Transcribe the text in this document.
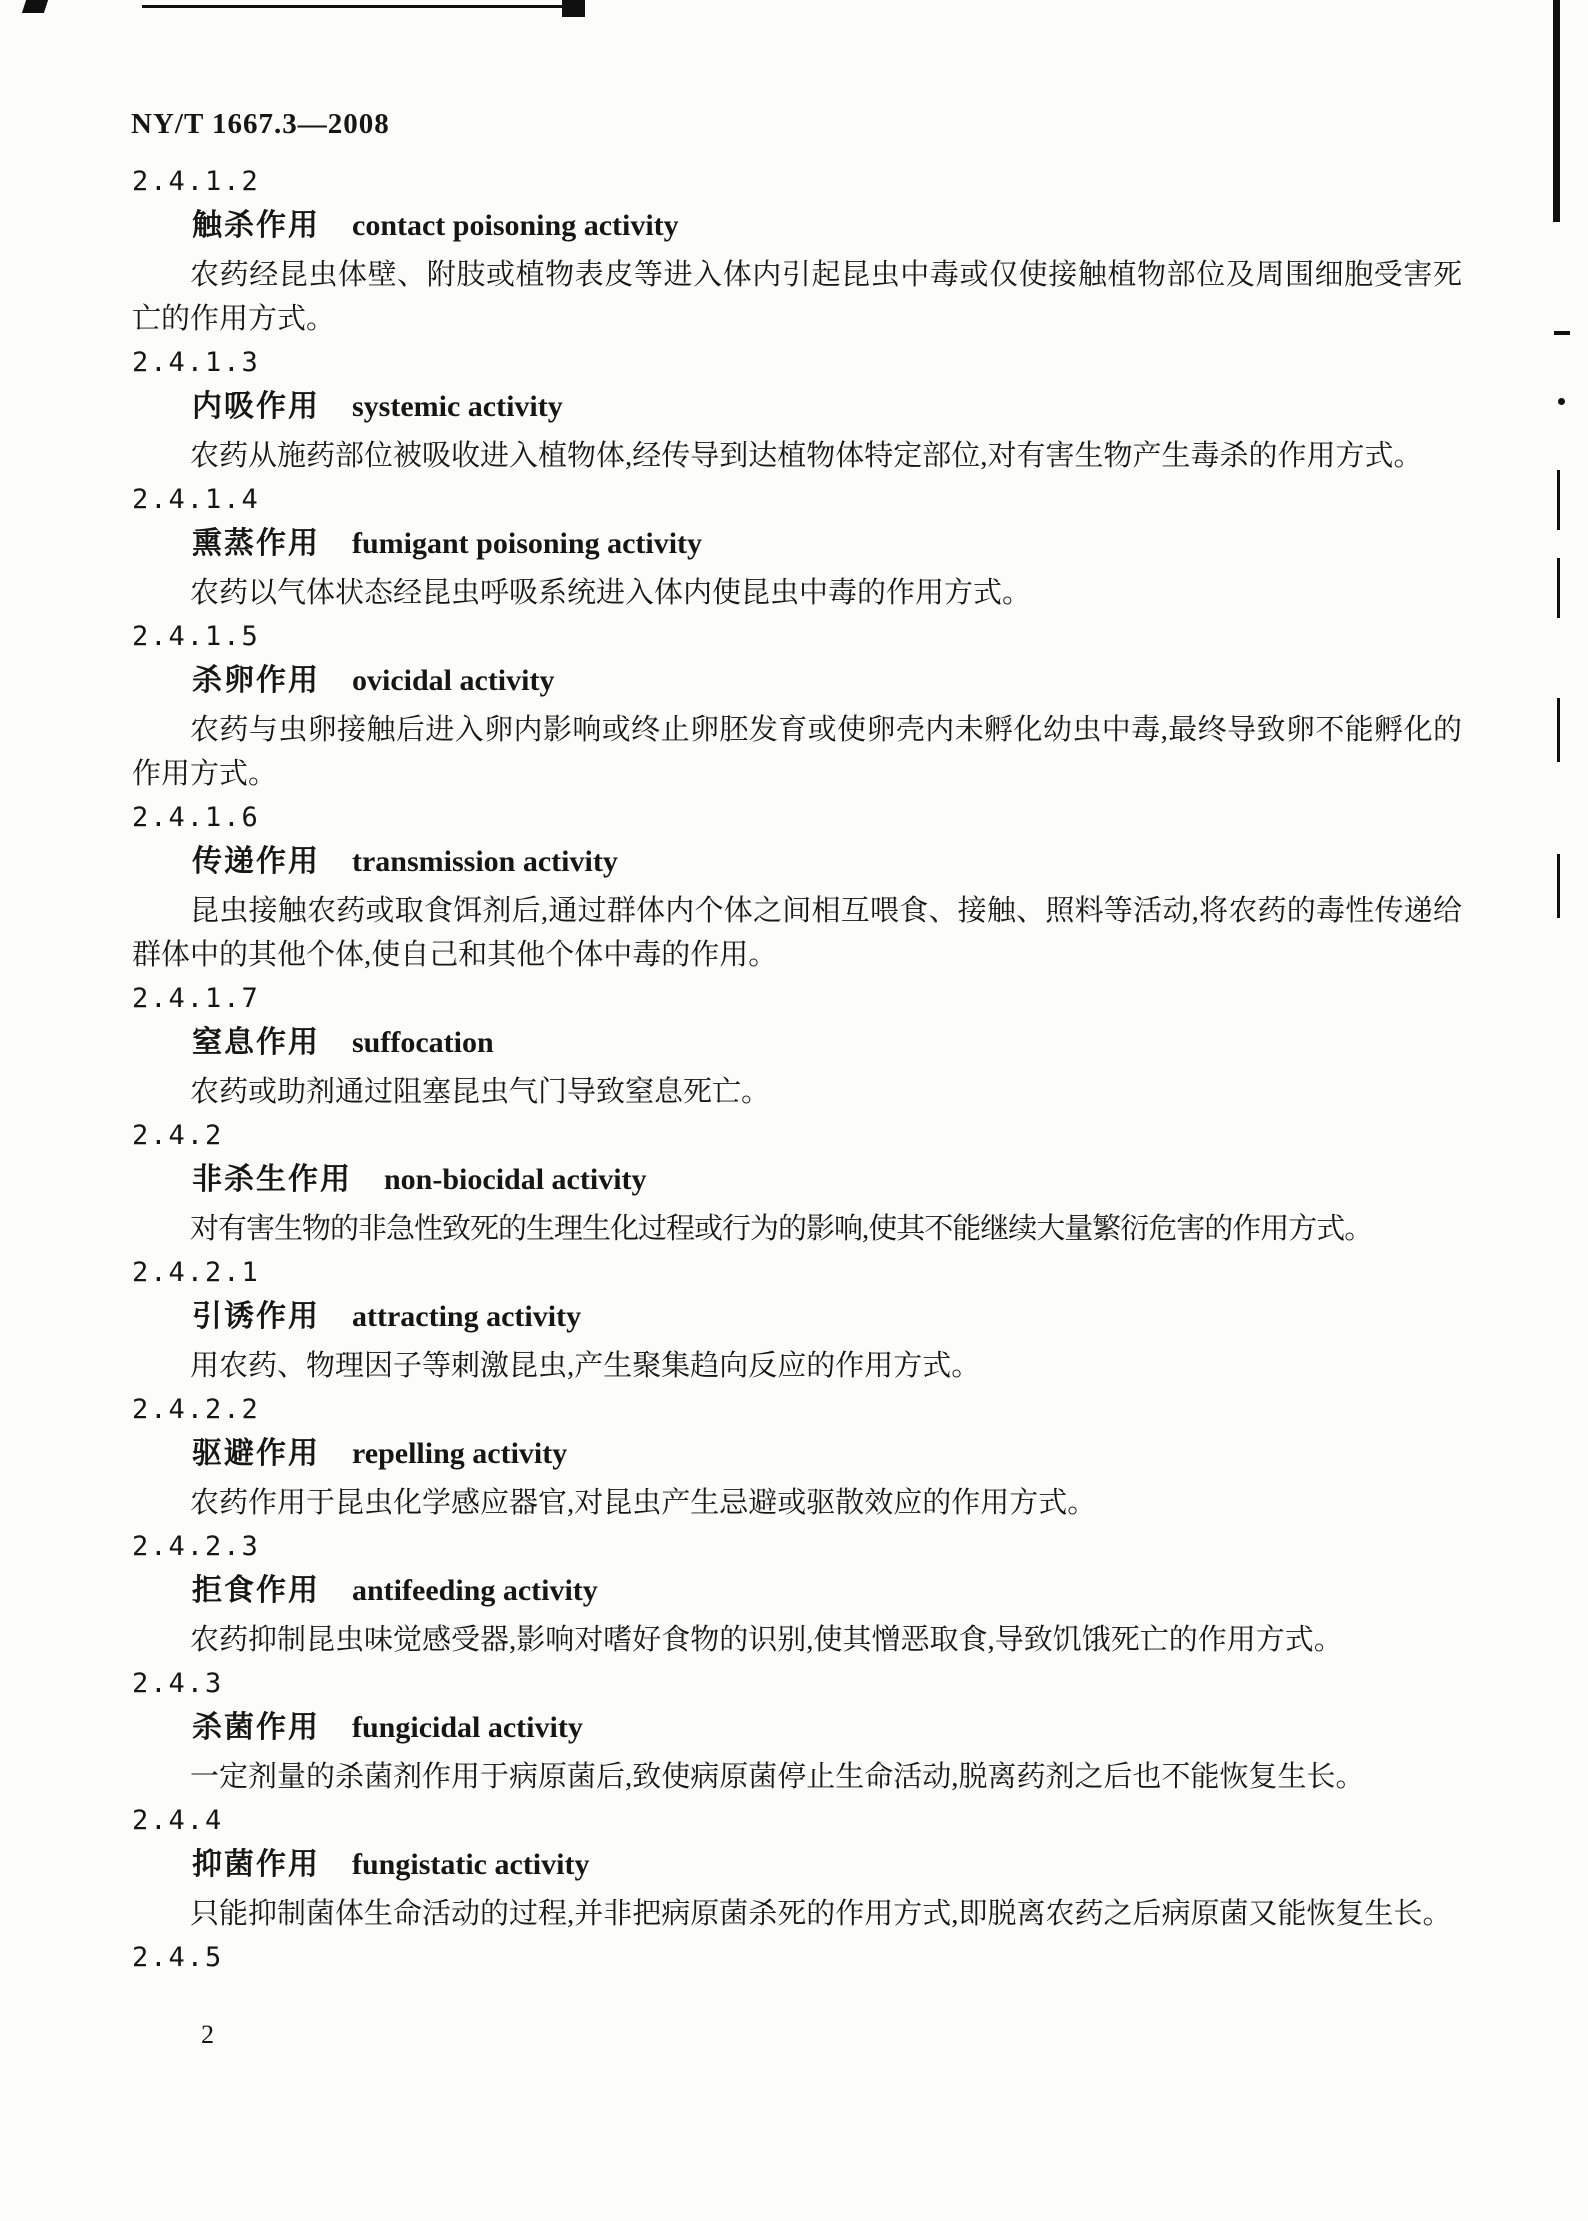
NY/T 1667.3—2008
2.4.1.2
触杀作用 contact poisoning activity

农药经昆虫体壁、附肢或植物表皮等进入体内引起昆虫中毒或仅使接触植物部位及周围细胞受害死亡的作用方式。

2.4.1.3
内吸作用 systemic activity

农药从施药部位被吸收进入植物体,经传导到达植物体特定部位,对有害生物产生毒杀的作用方式。

2.4.1.4
熏蒸作用 fumigant poisoning activity

农药以气体状态经昆虫呼吸系统进入体内使昆虫中毒的作用方式。

2.4.1.5
杀卵作用 ovicidal activity

农药与虫卵接触后进入卵内影响或终止卵胚发育或使卵壳内未孵化幼虫中毒,最终导致卵不能孵化的作用方式。

2.4.1.6
传递作用 transmission activity

昆虫接触农药或取食饵剂后,通过群体内个体之间相互喂食、接触、照料等活动,将农药的毒性传递给群体中的其他个体,使自己和其他个体中毒的作用。

2.4.1.7
窒息作用 suffocation

农药或助剂通过阻塞昆虫气门导致窒息死亡。

2.4.2
非杀生作用 non-biocidal activity

对有害生物的非急性致死的生理生化过程或行为的影响,使其不能继续大量繁衍危害的作用方式。

2.4.2.1
引诱作用 attracting activity

用农药、物理因子等刺激昆虫,产生聚集趋向反应的作用方式。

2.4.2.2
驱避作用 repelling activity

农药作用于昆虫化学感应器官,对昆虫产生忌避或驱散效应的作用方式。

2.4.2.3
拒食作用 antifeeding activity

农药抑制昆虫味觉感受器,影响对嗜好食物的识别,使其憎恶取食,导致饥饿死亡的作用方式。

2.4.3
杀菌作用 fungicidal activity

一定剂量的杀菌剂作用于病原菌后,致使病原菌停止生命活动,脱离药剂之后也不能恢复生长。

2.4.4
抑菌作用 fungistatic activity

只能抑制菌体生命活动的过程,并非把病原菌杀死的作用方式,即脱离农药之后病原菌又能恢复生长。

2.4.5
2
